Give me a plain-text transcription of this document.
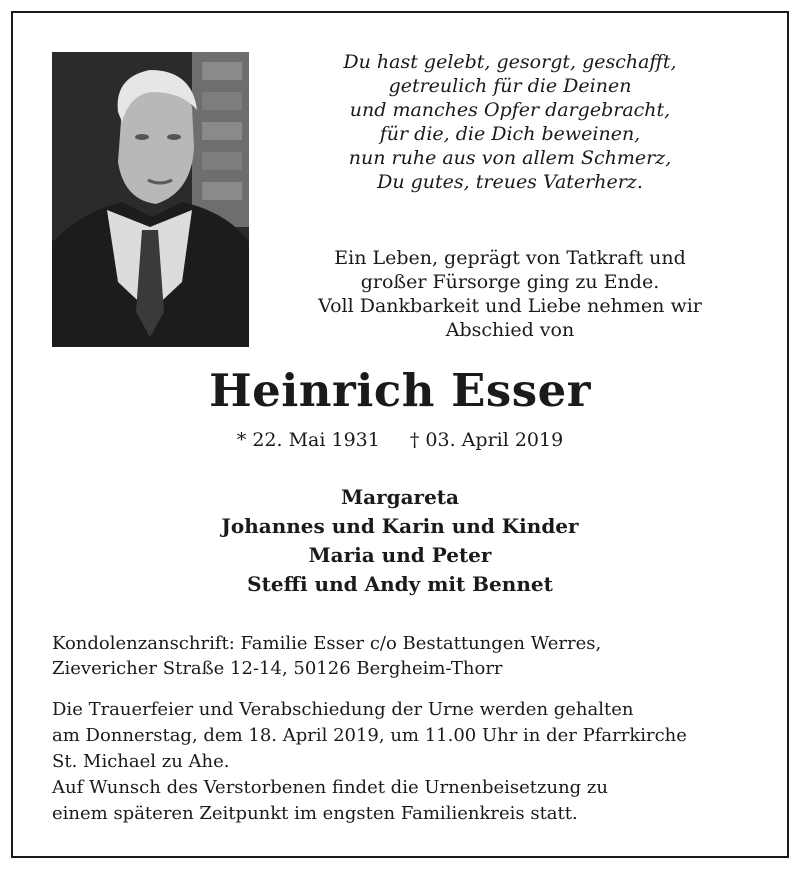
Du hast gelebt, gesorgt, geschafft,
getreulich für die Deinen
und manches Opfer dargebracht,
für die, die Dich beweinen,
nun ruhe aus von allem Schmerz,
Du gutes, treues Vaterherz.
Ein Leben, geprägt von Tatkraft und
großer Fürsorge ging zu Ende.
Voll Dankbarkeit und Liebe nehmen wir
Abschied von
Heinrich Esser
* 22. Mai 1931 † 03. April 2019
Margareta
Johannes und Karin und Kinder
Maria und Peter
Steffi und Andy mit Bennet
Kondolenzanschrift: Familie Esser c/o Bestattungen Werres,
Zievericher Straße 12-14, 50126 Bergheim-Thorr
Die Trauerfeier und Verabschiedung der Urne werden gehalten
am Donnerstag, dem 18. April 2019, um 11.00 Uhr in der Pfarrkirche
St. Michael zu Ahe.
Auf Wunsch des Verstorbenen findet die Urnenbeisetzung zu
einem späteren Zeitpunkt im engsten Familienkreis statt.
